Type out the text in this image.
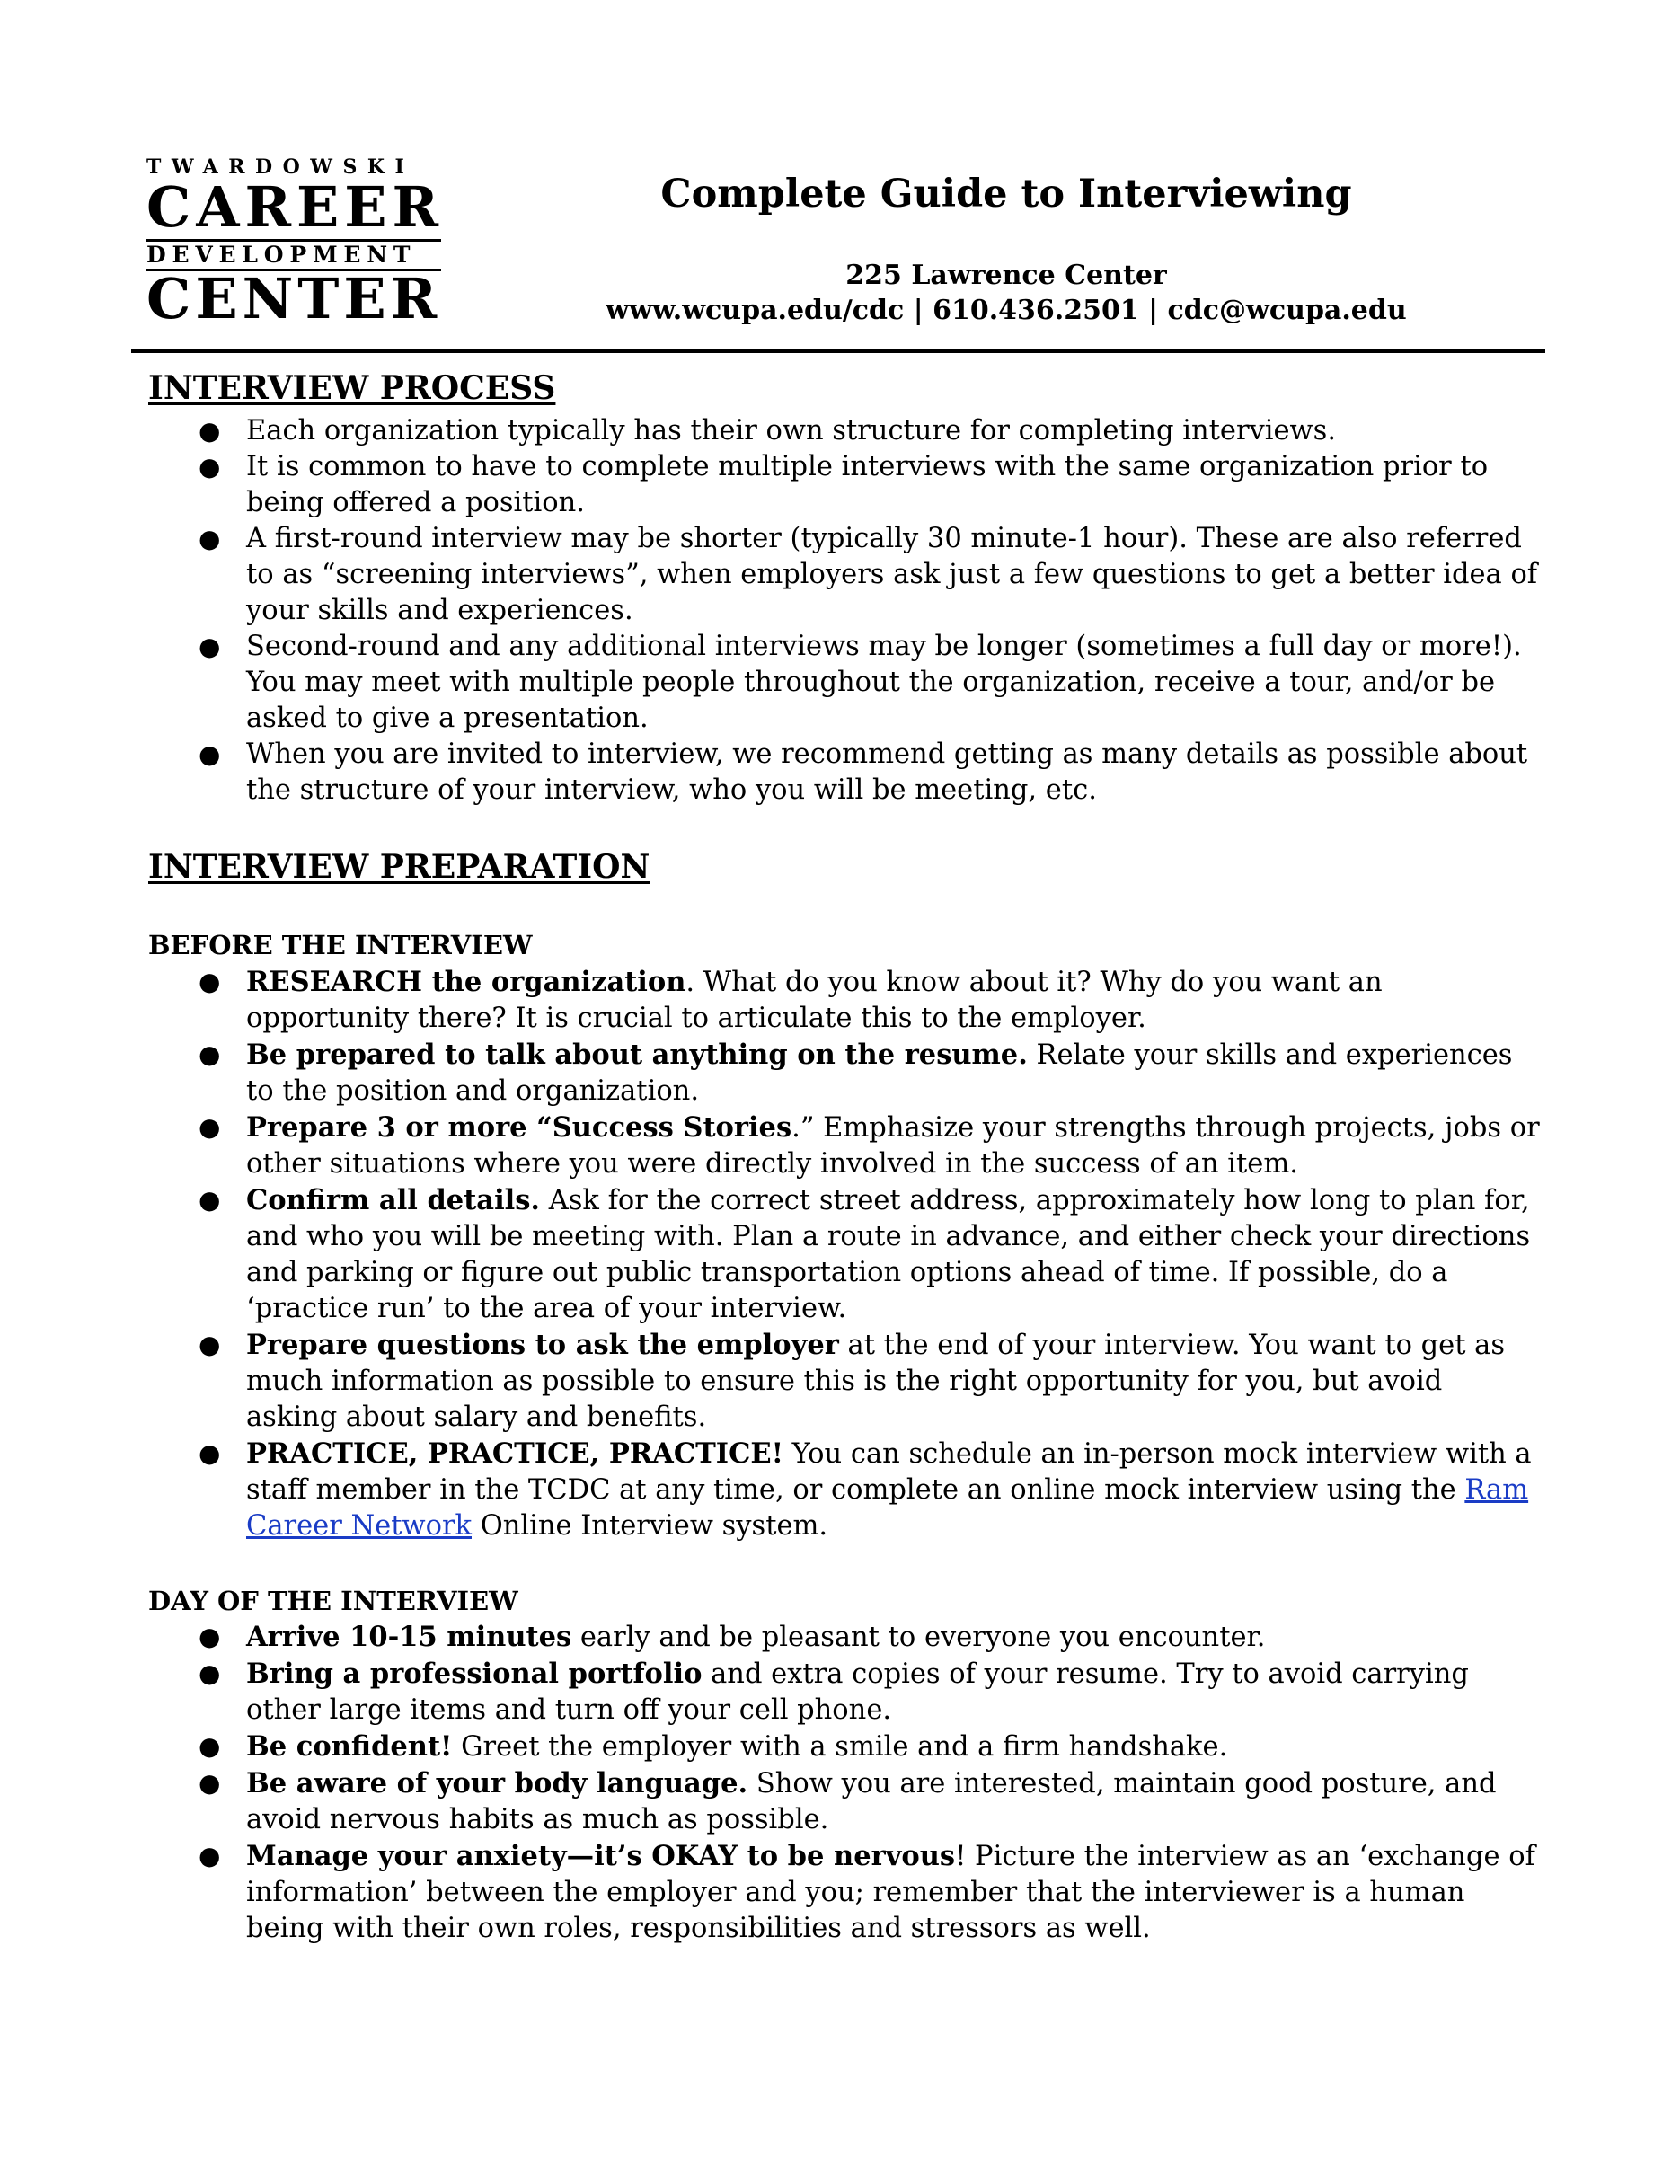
TWARDOWSKI
CAREER
DEVELOPMENT
CENTER
Complete Guide to Interviewing
225 Lawrence Center
www.wcupa.edu/cdc | 610.436.2501 | cdc@wcupa.edu
INTERVIEW PROCESS
● Each organization typically has their own structure for completing interviews.
● It is common to have to complete multiple interviews with the same organization prior to being offered a position.
● A first-round interview may be shorter (typically 30 minute-1 hour). These are also referred to as “screening interviews”, when employers ask just a few questions to get a better idea of your skills and experiences.
● Second-round and any additional interviews may be longer (sometimes a full day or more!). You may meet with multiple people throughout the organization, receive a tour, and/or be asked to give a presentation.
● When you are invited to interview, we recommend getting as many details as possible about the structure of your interview, who you will be meeting, etc.
INTERVIEW PREPARATION
BEFORE THE INTERVIEW
● RESEARCH the organization. What do you know about it? Why do you want an opportunity there? It is crucial to articulate this to the employer.
● Be prepared to talk about anything on the resume. Relate your skills and experiences to the position and organization.
● Prepare 3 or more “Success Stories.” Emphasize your strengths through projects, jobs or other situations where you were directly involved in the success of an item.
● Confirm all details. Ask for the correct street address, approximately how long to plan for, and who you will be meeting with. Plan a route in advance, and either check your directions and parking or figure out public transportation options ahead of time. If possible, do a ‘practice run’ to the area of your interview.
● Prepare questions to ask the employer at the end of your interview. You want to get as much information as possible to ensure this is the right opportunity for you, but avoid asking about salary and benefits.
● PRACTICE, PRACTICE, PRACTICE! You can schedule an in-person mock interview with a staff member in the TCDC at any time, or complete an online mock interview using the Ram Career Network Online Interview system.
DAY OF THE INTERVIEW
● Arrive 10-15 minutes early and be pleasant to everyone you encounter.
● Bring a professional portfolio and extra copies of your resume. Try to avoid carrying other large items and turn off your cell phone.
● Be confident! Greet the employer with a smile and a firm handshake.
● Be aware of your body language. Show you are interested, maintain good posture, and avoid nervous habits as much as possible.
● Manage your anxiety—it’s OKAY to be nervous! Picture the interview as an ‘exchange of information’ between the employer and you; remember that the interviewer is a human being with their own roles, responsibilities and stressors as well.
